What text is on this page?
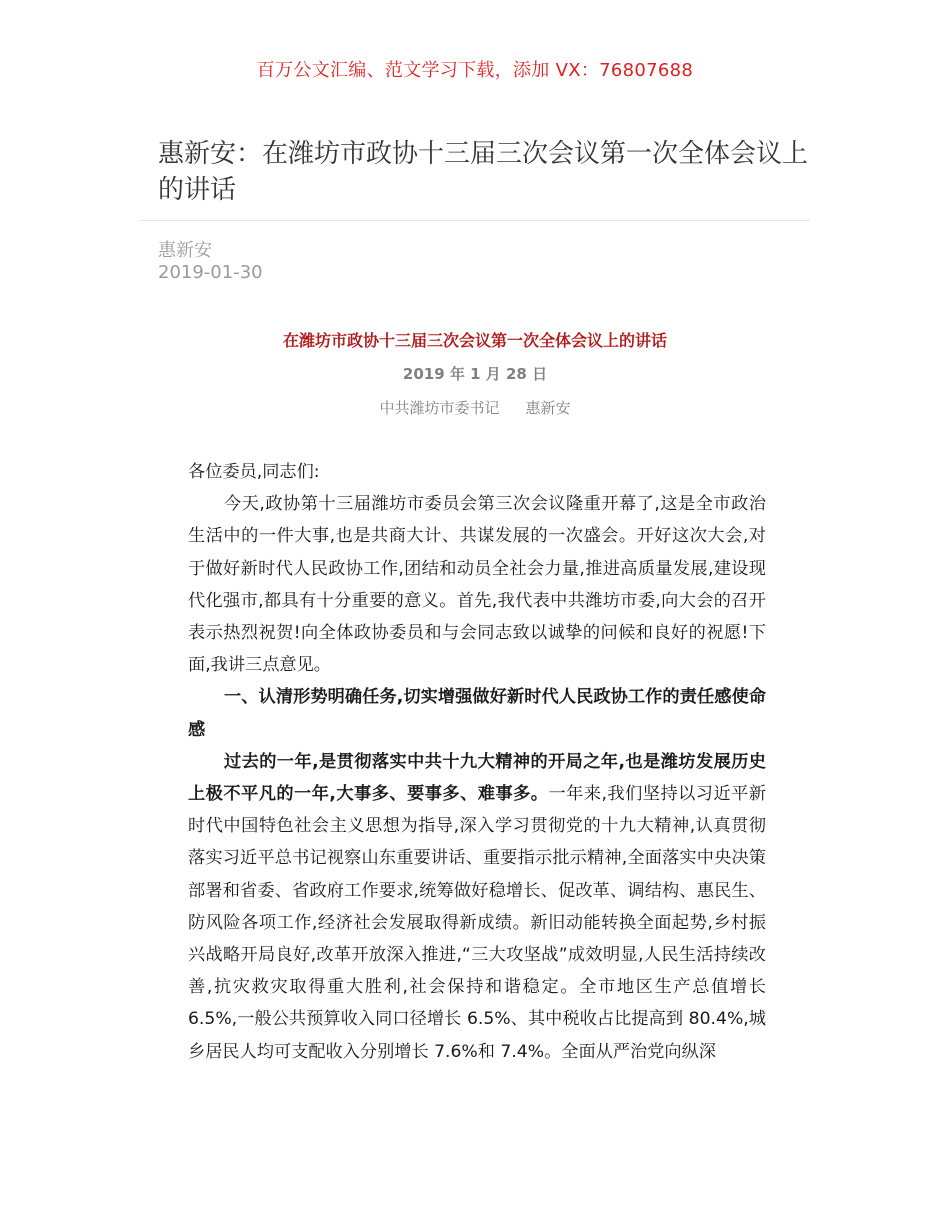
百万公文汇编、范文学习下载，添加 VX：76807688
惠新安：在潍坊市政协十三届三次会议第一次全体会议上的讲话
惠新安
2019-01-30
在潍坊市政协十三届三次会议第一次全体会议上的讲话
2019 年 1 月 28 日
中共潍坊市委书记 惠新安

各位委员,同志们:

今天,政协第十三届潍坊市委员会第三次会议隆重开幕了,这是全市政治生活中的一件大事,也是共商大计、共谋发展的一次盛会。开好这次大会,对于做好新时代人民政协工作,团结和动员全社会力量,推进高质量发展,建设现代化强市,都具有十分重要的意义。首先,我代表中共潍坊市委,向大会的召开表示热烈祝贺!向全体政协委员和与会同志致以诚挚的问候和良好的祝愿!下面,我讲三点意见。

一、认清形势明确任务,切实增强做好新时代人民政协工作的责任感使命感

过去的一年,是贯彻落实中共十九大精神的开局之年,也是潍坊发展历史上极不平凡的一年,大事多、要事多、难事多。一年来,我们坚持以习近平新时代中国特色社会主义思想为指导,深入学习贯彻党的十九大精神,认真贯彻落实习近平总书记视察山东重要讲话、重要指示批示精神,全面落实中央决策部署和省委、省政府工作要求,统筹做好稳增长、促改革、调结构、惠民生、防风险各项工作,经济社会发展取得新成绩。新旧动能转换全面起势,乡村振兴战略开局良好,改革开放深入推进,“三大攻坚战”成效明显,人民生活持续改善,抗灾救灾取得重大胜利,社会保持和谐稳定。全市地区生产总值增长 6.5%,一般公共预算收入同口径增长 6.5%、其中税收占比提高到 80.4%,城乡居民人均可支配收入分别增长 7.6%和 7.4%。全面从严治党向纵深
